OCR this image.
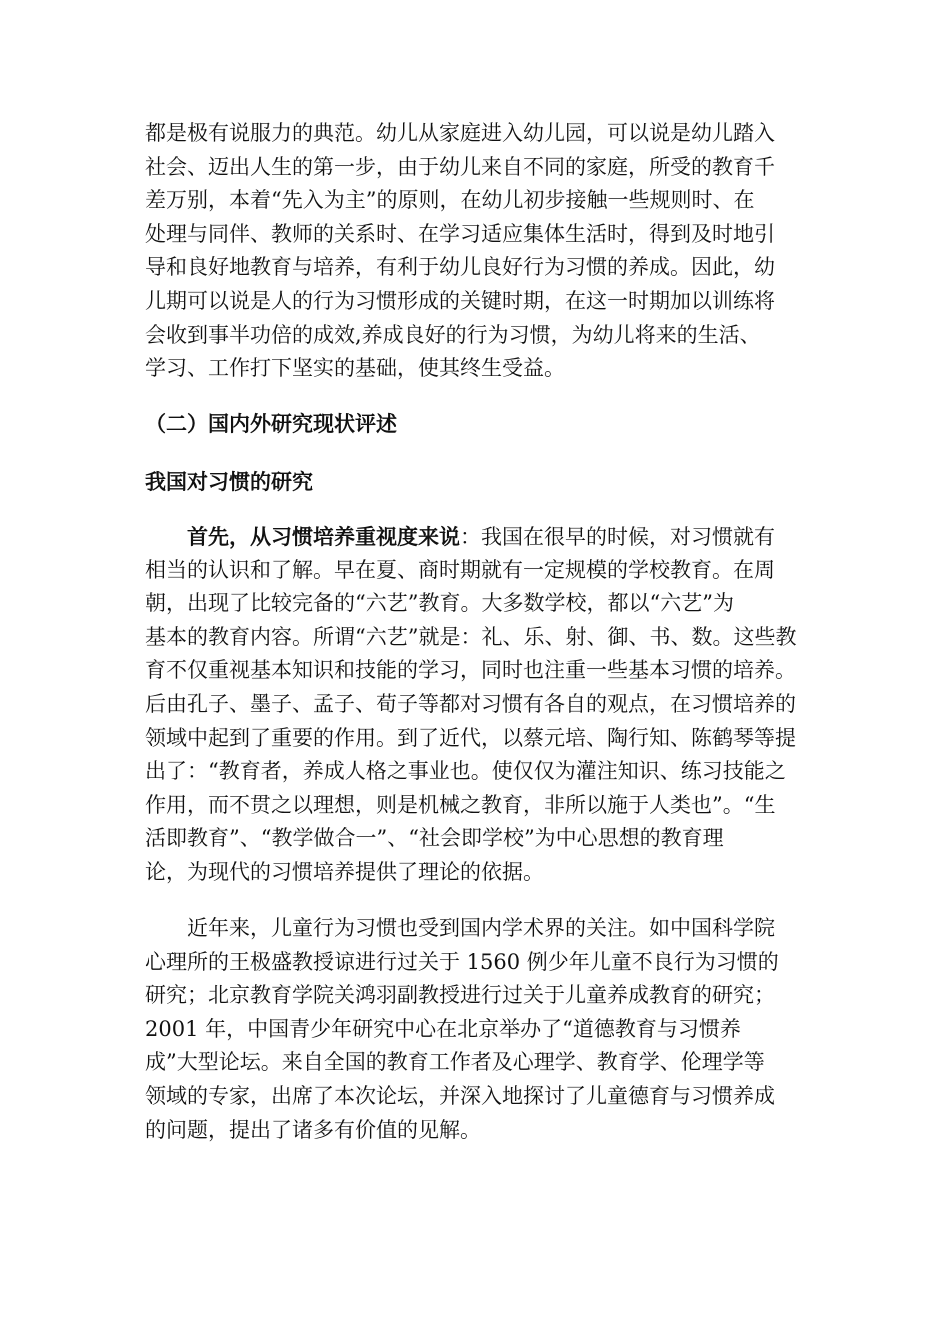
都是极有说服力的典范。幼儿从家庭进入幼儿园，可以说是幼儿踏入
社会、迈出人生的第一步，由于幼儿来自不同的家庭，所受的教育千
差万别，本着“先入为主”的原则，在幼儿初步接触一些规则时、在
处理与同伴、教师的关系时、在学习适应集体生活时，得到及时地引
导和良好地教育与培养，有利于幼儿良好行为习惯的养成。因此，幼
儿期可以说是人的行为习惯形成的关键时期，在这一时期加以训练将
会收到事半功倍的成效,养成良好的行为习惯，为幼儿将来的生活、
学习、工作打下坚实的基础，使其终生受益。
（二）国内外研究现状评述
我国对习惯的研究
首先，从习惯培养重视度来说：我国在很早的时候，对习惯就有
相当的认识和了解。早在夏、商时期就有一定规模的学校教育。在周
朝，出现了比较完备的“六艺”教育。大多数学校，都以“六艺”为
基本的教育内容。所谓“六艺”就是：礼、乐、射、御、书、数。这些教
育不仅重视基本知识和技能的学习，同时也注重一些基本习惯的培养。
后由孔子、墨子、孟子、荀子等都对习惯有各自的观点，在习惯培养的
领域中起到了重要的作用。到了近代，以蔡元培、陶行知、陈鹤琴等提
出了：“教育者，养成人格之事业也。使仅仅为灌注知识、练习技能之
作用，而不贯之以理想，则是机械之教育，非所以施于人类也”。“生
活即教育”、“教学做合一”、“社会即学校”为中心思想的教育理
论，为现代的习惯培养提供了理论的依据。
近年来，儿童行为习惯也受到国内学术界的关注。如中国科学院
心理所的王极盛教授谅进行过关于 1560 例少年儿童不良行为习惯的
研究；北京教育学院关鸿羽副教授进行过关于儿童养成教育的研究；
2001 年，中国青少年研究中心在北京举办了“道德教育与习惯养
成”大型论坛。来自全国的教育工作者及心理学、教育学、伦理学等
领域的专家，出席了本次论坛，并深入地探讨了儿童德育与习惯养成
的问题，提出了诸多有价值的见解。
